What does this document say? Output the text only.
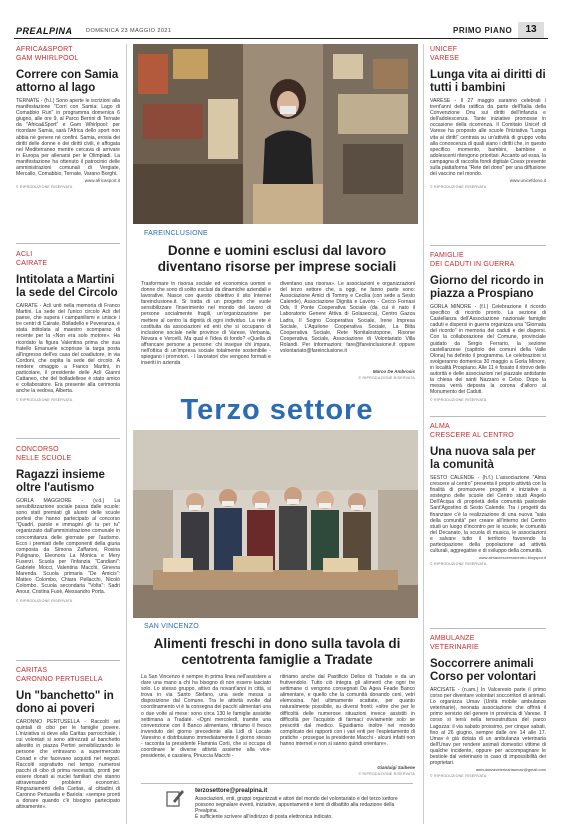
PREALPINA DOMENICA 23 MAGGIO 2021	PRIMO PIANO	13
AFRICA&SPORT
GAM WHIRLPOOL
Correre con Samia attorno al lago
TERNATE - (h.l.) Sono aperte le iscrizioni alla manifestazione "Corri con Samia: Lago di Comabbio Run" in programma domenica 6 giugno, alle ore 9, al Parco Berrini di Ternate da "Africa&Sport" e Gam Whirlpool: per ricordare Samia, sarà l'Africa dello sport non abbia né genere né confini. Samia, erosia dei diritti delle donne e dei diritti civili, è affogata nel Mediterraneo mentre cercava di arrivare in Europa per allenarsi per le Olimpiadi. La manifestazione ha ottenuto il patrocinio delle amministrazioni comunali di Vergiate, Mercallo, Comabbio, Ternate, Varano Borghi.
www.africasport.it
© RIPRODUZIONE RISERVATA
ACLI
CAIRATE
Intitolata a Martini la sede del Circolo
CAIRATE - Acli unti nella memoria di Franco Martini. La sede del l'unico circolo Acli del paese, che supera i campanilismi e unisce i tre centri di Cairate, Bolladello e Peveranza, è stata intitolata al maestro scomparso di recente per la «Non era solo motore». Ha ricordato la figura Valentina prima che sua fratello Emanuele scoprisse la targa posta all'ingresso dell'ex casa del coadiutore, in via Cordoni, che ospita la sede del circolo. A rendere omaggio a Franco Martini, in particolare, il presidente delle Acli Gianni Cattaneo, che del bolladellese è stato amico e collaboratore. Era presente alla cerimonia anche la vedova, Alberta.
© RIPRODUZIONE RISERVATA
CONCORSO
NELLE SCUOLE
Ragazzi insieme oltre l'autismo
GORLA MAGGIORE - (v.d.) La sensibilizzazione sociale passa dalle scuole: sono stati premiati gli alunni delle scuole porfesi che hanno partecipato al concorso "Quadri, parole e immagini gli tu per tu" organizzato dall'amministrazione comunale in concomitanza delle giornate per l'autismo. Ecco i premiati delle componenti della giuria composta da Simona Zaffaroni, Rosina Pulignano, Eleonora La Monica e Mery Fuserzi. Scuola per l'infanzia "Candiani": Gabriele Mocci, Valentina Macchi, Ginevra Marenda. Scuola primaria "De Amicis": Matteo Colombo, Chiara Pellacchi, Nicolò Colombo. Scuola secondaria "Volta": Sadri Anour, Cristina Fusè, Alessandro Porta.
© RIPRODUZIONE RISERVATA
CARITAS
CARONNO PERTUSELLA
Un "banchetto" in dono ai poveri
CARONNO PERTUSELLA - Raccolti sei quintali di cibo per le famiglie povere. L'iniziativa si deve alla Caritas parrocchiale, i cui volontari si sono attrezzati al banchetto allestito in piazza Pertini sensibilizzando le persone che entravano a supermercato Conad e che facevano acquisti nel negozi. Raccolti soprattutto nel tempo numerosi pacchi di cibo di prima necessità, pronti per essere donati ai nuclei familiari che stanno attraversando problemi economici. Ringraziamenti della Caritas, al cittadini di Caronno Pertusella e Bariola: «sempre pronti a donare quando c'è bisogno partecipato attivamente».
FAREINCLUSIONE
Donne e uomini esclusi dal lavoro diventano risorse per imprese sociali
Trasformare in risorsa sociale ed economica uomini e donne che sono di solito esclusi da dinamiche aziendali e lavorative. Nasce con questo obiettivo il sito Internet fareinclusione.it. Si tratta di un progetto che vuole sensibilizzare l'inserimento nel mondo del lavoro di persone socialmente fragili, un'organizzazione per mettere al centro la dignità di ogni individuo. La rete è costituita da associazioni ed enti che si occupano di inclusione sociale nelle province di Varese, Verbania, Novara e Vercelli. Ma qual è l'idea di fondo? «Quella di affrancare persone a persone: chi insegue chi impara, nell'ottica di un'impresa sociale totalmente sostenibile - spiegano i promotori. - I lavoratori che vengono formati e inseriti in azienda
diventano una risorsa». Le associazioni e organizzazioni del terzo settore che, a oggi, ne fanno parte sono: Associazione Amici di Tommy e Cecilia (con sede a Sesto Calende), Associazione Dignità e Lavoro - Cecco Fornasi Odv, Il Ponte Cooperativa Sociale (da cui è nato il Laboratorio Genere Attiva di Golasecca), Centro Gazza Ladra, Il Sogno Cooperativa Sociale, Irene Impresa Sociale, L'Aquilone Cooperativa Sociale, La Bitta Cooperativa Sociale, Rete Nonitalostopone, Risorse Cooperativa Sociale, Associazione di Volontariato Villa Rolandi. Per informazioni: fare@fareinclusione.it oppure volontariato@fareinclusione.it
Marco De Ambrosis
© RIPRODUZIONE RISERVATA
Terzo settore
SAN VINCENZO
Alimenti freschi in dono sulla tavola di centotrenta famiglie a Tradate
La San Vincenzo è sempre in prima linea nell'assistere a dare una mano a chi ha bisogno di non essere lasciato solo. Lo stesso gruppo, attivo da novant'anni in città, si trova in via Santo Stefano, una sede messa a disposizione dal Comune. Tra le attività svolte dal coordinamento vi è la consegna dei pacchi alimentari una o due volte al mese: sono circa 130 le famiglie assistite settimana a Tradate. «Ogni mercoledì, tramite una convenzione con il Banco alimentare, ritiriamo il fresco invenduto del giorno precedente alla Lidl di Locate Varesino e distribuiamo immediatamente il giorno stesso - racconta la presidente Flaminia Corti, che si occupa di coordinare le diverse attività assieme alla vice-presidente, e cassiera, Pinuccia Macchi -
ritiriamo anche dal Pastificio Dellos di Tradate e da un frutivendolo. Tutto ciò integra gli alimenti che ogni tre settimane ci vengono consegnati Da Agea Feade Banco alimentare, e quello che la comunità donando ceni, vetri elemosina. Nel ultimamente scattate, per quanto naturalmente possibile, su diversi fronti: «oltre che per le difficoltà delle numerose situazioni invece assistiti in difficoltà per l'acquisto di farmaci ovviamente solo se prescritti dal medico. Eguidiamo inoltre nel mondo complicato dei rapporti con i vari enti per l'espletamento di pratiche - prosegue la presidente Macchi - alcuni infatti non hanno internet e non si sanno quindi orientare».
Gianluigi Saibene
© RIPRODUZIONE RISERVATA
terzosettore@prealpina.it
Associazioni, enti, gruppi organizzati e attori del mondo del volontariato e del terzo settore possono segnalare eventi, iniziative, appuntamenti e temi di dibattito alla redazione della Prealpina.
È sufficiente scrivere all'indirizzo di posta elettronica indicato.
UNICEF
VARESE
Lunga vita ai diritti di tutti i bambini
VARESE - Il 27 maggio saranno celebrati i trent'anni della ratifica da parte dell'Italia della Convenzione Onu sui diritti dell'infanzia e dell'adolescenza. Tante iniziative promosse in occasione della ricorrenza. Il Comitato Unicef di Varese ha proposto alle scuole l'iniziativa "Lunga vita ai diritti" centrata su un'attività di gruppo volta alla conoscenza di quali siano i diritti che, in questo specifico momento, bambini, bambine e adolescenti ritengono prioritari. Accanto ad essa, la campagna di raccolta fondi digitale Covax presente sulla piattaforma "Rete del dono" per una diffusione del vaccino nel mondo.
www.unicefdono.it
© RIPRODUZIONE RISERVATA
FAMIGLIE
DEI CADUTI IN GUERRA
Giorno del ricordo in piazza a Prospiano
GORLA MINORE - (f.l.) Celebrazione il ricordo specifico di ricordo pronto. La sezione di Castellanza dell'Associazione nazionale famiglie caduti e dispersi in guerra organizza una "Giornata del ricordo" in memoria dei caduti e dei dispersi. Con la collaborazione del Comune, provinciale guidato da Sergio Ferrario, la sezione castellanzese (capitolo dei comuni della Valle Olona) ha definito il programma. Le celebrazioni si svolgeranno domenica 30 maggio a Gorla Minore, in località Prospiano. Alle 11 è fissato il ritrovo delle autorità e delle associazioni nel piazzale antistante la chiesa dei santi Nazzaro e Celso. Dopo la messa verrà deposta la corona d'alloro al Monumento dei Caduti.
© RIPRODUZIONE RISERVATA
ALMA
CRESCERE AL CENTRO
Una nuova sala per la comunità
SESTO CALENDE - (h.f.) L'associazione "Alma crescere al centro" presenta il proprio attività con la finalità di promuovere progetti e iniziative a sostegno delle scuole del Centro studi Angelo Dell'Acqua di proprietà della comunità pastorale Sant'Agostino di Sesto Calende. Tra i progetti da finanziare c'è la realizzazione di una nuova "sala della comunità" per creare all'interno del Centro studi un luogo d'incontro per le scuole, le comunità del Decanato, la scuola di musica, le associazioni e salvare tutto il territorio favorendo la partecipazione della popolazione ad attività culturali, aggregative e di sviluppo della comunità.
www.almacrescerealcentro.blogspot.it
© RIPRODUZIONE RISERVATA
AMBULANZE
VETERINARIE
Soccorrere animali Corso per volontari
ARCISATE - (n.am.) In Valceresio parte il primo corso per diventare volontari soccorritori di animali. Lo organizza Umav (Unità mobile ambulanze veterinarie), neonata associazione che offrirà il primo servizio del genere in provincia di Varese. Il corso si terrà nella tensostruttura del parco Lagozza: il via sabato prossimo, per cinque sabati, fino al 26 giugno, sempre dalle ore 14 alle 17. Umav è già dotata di un ambulanza veterinaria dell'Unav per rendere animali domestici vittime di qualche incidente, oppure per accompagnare le bestiole dal veterinario in caso di impossibilità dei proprietari.
ambulanzaveterinariaumav@gmail.com
© RIPRODUZIONE RISERVATA
